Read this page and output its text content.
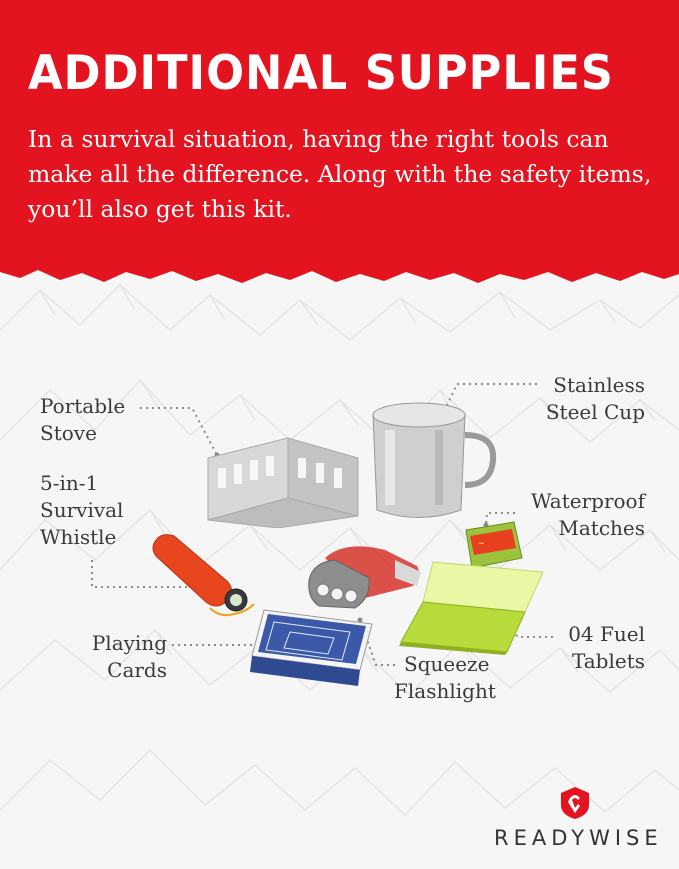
ADDITIONAL SUPPLIES

In a survival situation, having the right tools can make all the difference. Along with the safety items, you’ll also get this kit.

~
Portable
Stove
Stainless
Steel Cup
5-in-1
Survival
Whistle
Waterproof
Matches
Playing
Cards
04 Fuel
Tablets
Squeeze
Flashlight
READYWISE
